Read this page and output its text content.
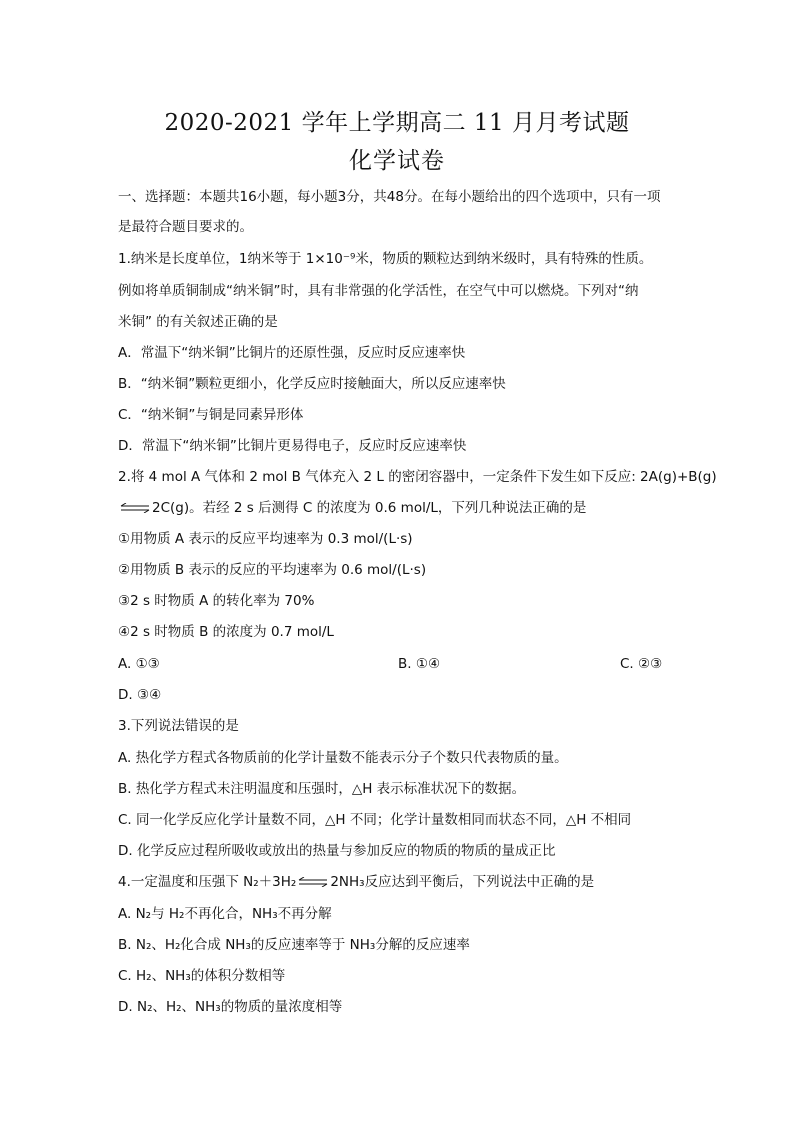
2020-2021 学年上学期高二 11 月月考试题
化学试卷
一、选择题：本题共16小题，每小题3分，共48分。在每小题给出的四个选项中，只有一项
是最符合题目要求的。
1.纳米是长度单位，1纳米等于 1×10⁻⁹米，物质的颗粒达到纳米级时，具有特殊的性质。
例如将单质铜制成“纳米铜”时，具有非常强的化学活性，在空气中可以燃烧。下列对“纳
米铜” 的有关叙述正确的是
A．常温下“纳米铜”比铜片的还原性强，反应时反应速率快
B．“纳米铜”颗粒更细小，化学反应时接触面大，所以反应速率快
C．“纳米铜”与铜是同素异形体
D．常温下“纳米铜”比铜片更易得电子，反应时反应速率快
2.将 4 mol A 气体和 2 mol B 气体充入 2 L 的密闭容器中，一定条件下发生如下反应: 2A(g)+B(g)
⇌ 2C(g)。若经 2 s 后测得 C 的浓度为 0.6 mol/L，下列几种说法正确的是
①用物质 A 表示的反应平均速率为 0.3 mol/(L·s)
②用物质 B 表示的反应的平均速率为 0.6 mol/(L·s)
③2 s 时物质 A 的转化率为 70%
④2 s 时物质 B 的浓度为 0.7 mol/L
A. ①③	B. ①④	C. ②③
D. ③④
3.下列说法错误的是
A. 热化学方程式各物质前的化学计量数不能表示分子个数只代表物质的量。
B. 热化学方程式未注明温度和压强时，△H 表示标准状况下的数据。
C. 同一化学反应化学计量数不同，△H 不同；化学计量数相同而状态不同，△H 不相同
D. 化学反应过程所吸收或放出的热量与参加反应的物质的物质的量成正比
4.一定温度和压强下 N₂＋3H₂ ⇌ 2NH₃反应达到平衡后，下列说法中正确的是
A. N₂与 H₂不再化合，NH₃不再分解
B. N₂、H₂化合成 NH₃的反应速率等于 NH₃分解的反应速率
C. H₂、NH₃的体积分数相等
D. N₂、H₂、NH₃的物质的量浓度相等
